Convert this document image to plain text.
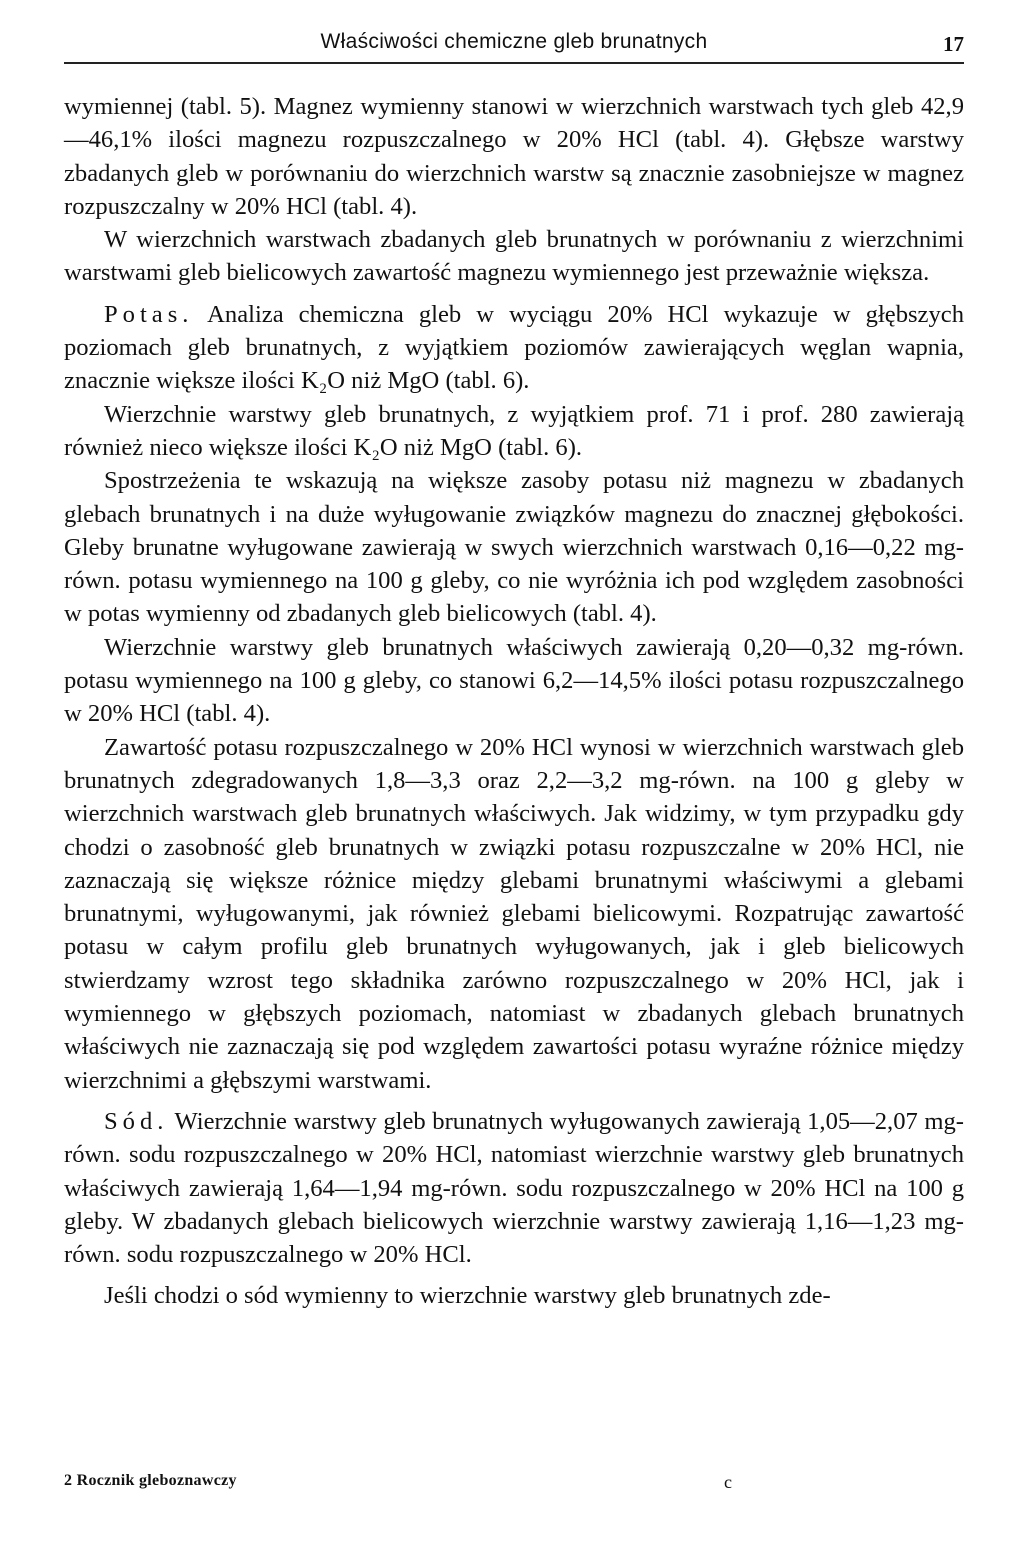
Właściwości chemiczne gleb brunatnych	17

wymiennej (tabl. 5). Magnez wymienny stanowi w wierzchnich warstwach tych gleb 42,9—46,1% ilości magnezu rozpuszczalnego w 20% HCl (tabl. 4). Głębsze warstwy zbadanych gleb w porównaniu do wierzchnich warstw są znacznie zasobniejsze w magnez rozpuszczalny w 20% HCl (tabl. 4).

W wierzchnich warstwach zbadanych gleb brunatnych w porównaniu z wierzchnimi warstwami gleb bielicowych zawartość magnezu wymiennego jest przeważnie większa.

Potas. Analiza chemiczna gleb w wyciągu 20% HCl wykazuje w głębszych poziomach gleb brunatnych, z wyjątkiem poziomów zawierających węglan wapnia, znacznie większe ilości K₂O niż MgO (tabl. 6).

Wierzchnie warstwy gleb brunatnych, z wyjątkiem prof. 71 i prof. 280 zawierają również nieco większe ilości K₂O niż MgO (tabl. 6).

Spostrzeżenia te wskazują na większe zasoby potasu niż magnezu w zbadanych glebach brunatnych i na duże wyługowanie związków magnezu do znacznej głębokości. Gleby brunatne wyługowane zawierają w swych wierzchnich warstwach 0,16—0,22 mg-równ. potasu wymiennego na 100 g gleby, co nie wyróżnia ich pod względem zasobności w potas wymienny od zbadanych gleb bielicowych (tabl. 4).

Wierzchnie warstwy gleb brunatnych właściwych zawierają 0,20—0,32 mg-równ. potasu wymiennego na 100 g gleby, co stanowi 6,2—14,5% ilości potasu rozpuszczalnego w 20% HCl (tabl. 4).

Zawartość potasu rozpuszczalnego w 20% HCl wynosi w wierzchnich warstwach gleb brunatnych zdegradowanych 1,8—3,3 oraz 2,2—3,2 mg-równ. na 100 g gleby w wierzchnich warstwach gleb brunatnych właściwych. Jak widzimy, w tym przypadku gdy chodzi o zasobność gleb brunatnych w związki potasu rozpuszczalne w 20% HCl, nie zaznaczają się większe różnice między glebami brunatnymi właściwymi a glebami brunatnymi, wyługowanymi, jak również glebami bielicowymi. Rozpatrując zawartość potasu w całym profilu gleb brunatnych wyługowanych, jak i gleb bielicowych stwierdzamy wzrost tego składnika zarówno rozpuszczalnego w 20% HCl, jak i wymiennego w głębszych poziomach, natomiast w zbadanych glebach brunatnych właściwych nie zaznaczają się pod względem zawartości potasu wyraźne różnice między wierzchnimi a głębszymi warstwami.

Sód. Wierzchnie warstwy gleb brunatnych wyługowanych zawierają 1,05—2,07 mg-równ. sodu rozpuszczalnego w 20% HCl, natomiast wierzchnie warstwy gleb brunatnych właściwych zawierają 1,64—1,94 mg-równ. sodu rozpuszczalnego w 20% HCl na 100 g gleby. W zbadanych glebach bielicowych wierzchnie warstwy zawierają 1,16—1,23 mg-równ. sodu rozpuszczalnego w 20% HCl.

Jeśli chodzi o sód wymienny to wierzchnie warstwy gleb brunatnych zde-

2 Rocznik gleboznawczy	c
